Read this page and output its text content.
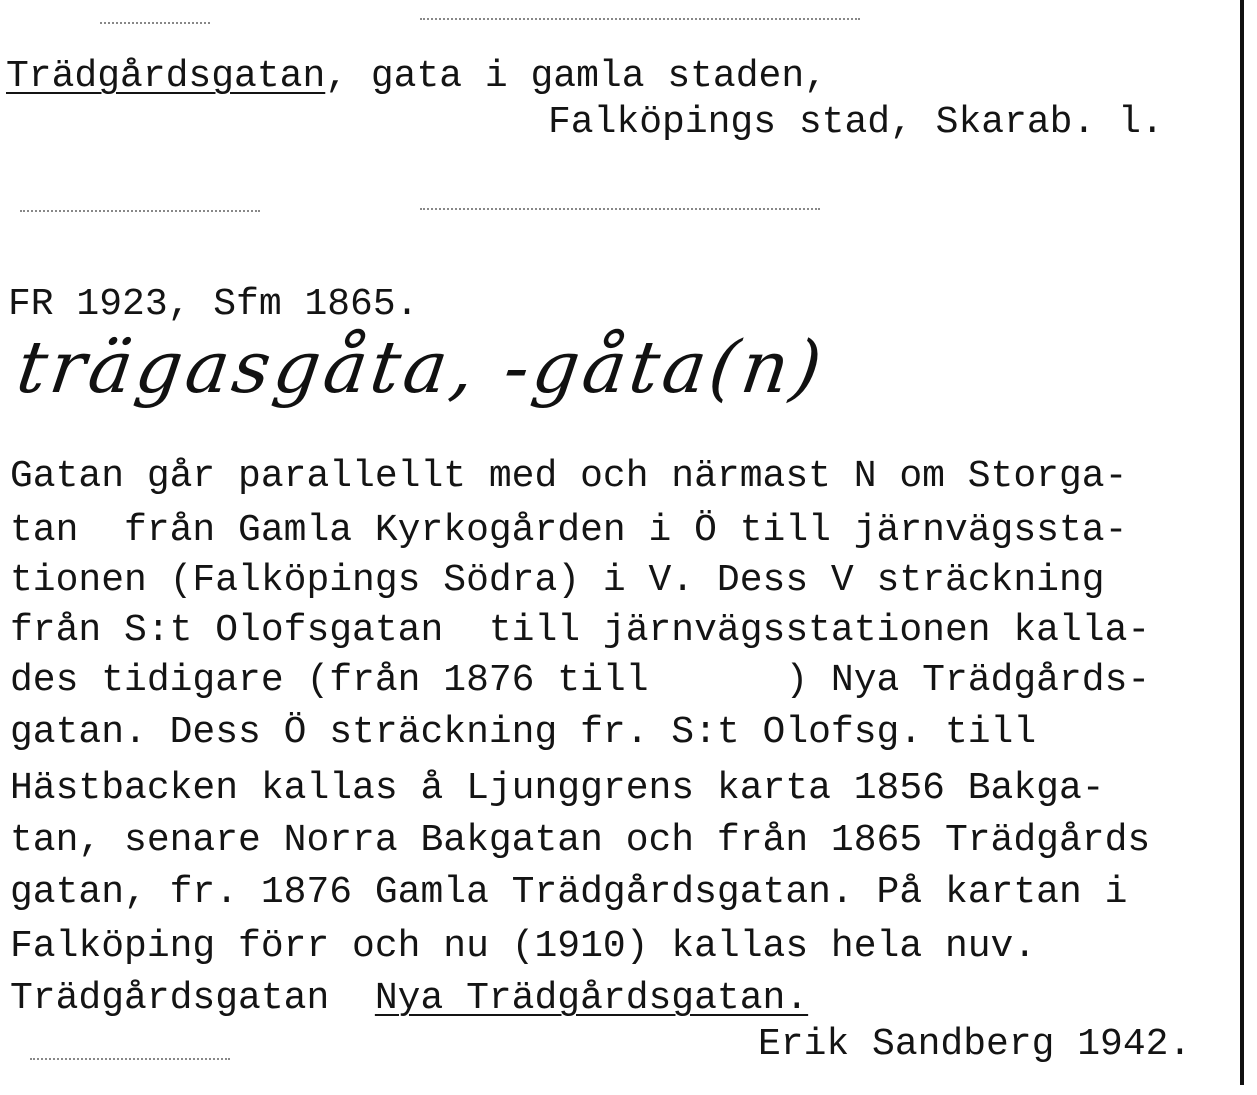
Trädgårdsgatan, gata i gamla staden,
Falköpings stad, Skarab. l.
FR 1923, Sfm 1865.
trägasgåta, -gåta(n)
Gatan går parallellt med och närmast N om Storga-
tan  från Gamla Kyrkogården i Ö till järnvägssta-
tionen (Falköpings Södra) i V. Dess V sträckning
från S:t Olofsgatan  till järnvägsstationen kalla-
des tidigare (från 1876 till      ) Nya Trädgårds-
gatan. Dess Ö sträckning fr. S:t Olofsg. till
Hästbacken kallas å Ljunggrens karta 1856 Bakga-
tan, senare Norra Bakgatan och från 1865 Trädgårds
gatan, fr. 1876 Gamla Trädgårdsgatan. På kartan i
Falköping förr och nu (1910) kallas hela nuv.
Trädgårdsgatan  Nya Trädgårdsgatan.
Erik Sandberg 1942.
